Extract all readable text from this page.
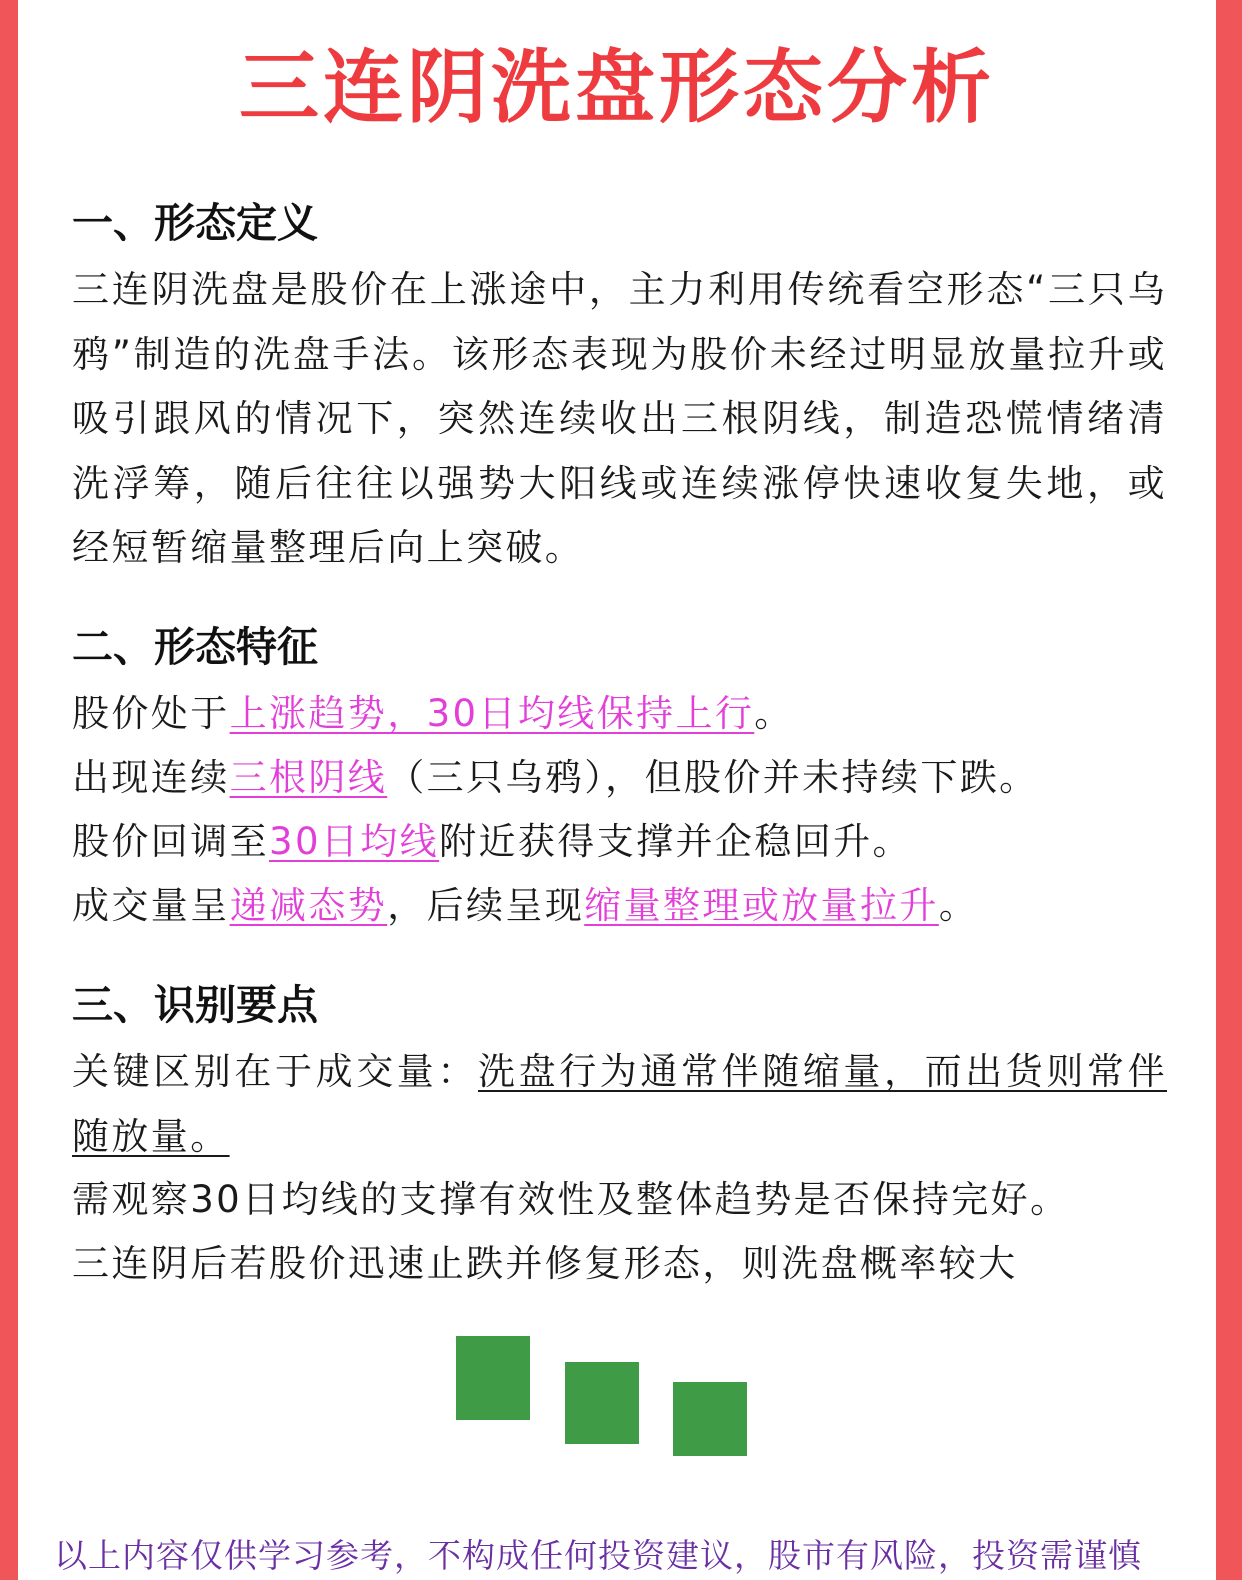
三连阴洗盘形态分析
一、形态定义
三连阴洗盘是股价在上涨途中，主力利用传统看空形态“三只乌鸦”制造的洗盘手法。该形态表现为股价未经过明显放量拉升或吸引跟风的情况下，突然连续收出三根阴线，制造恐慌情绪清洗浮筹，随后往往以强势大阳线或连续涨停快速收复失地，或经短暂缩量整理后向上突破。
二、形态特征
股价处于上涨趋势，30日均线保持上行。
出现连续三根阴线（三只乌鸦），但股价并未持续下跌。
股价回调至30日均线附近获得支撑并企稳回升。
成交量呈递减态势，后续呈现缩量整理或放量拉升。
三、识别要点
关键区别在于成交量：洗盘行为通常伴随缩量，而出货则常伴随放量。
需观察30日均线的支撑有效性及整体趋势是否保持完好。
三连阴后若股价迅速止跌并修复形态，则洗盘概率较大
以上内容仅供学习参考，不构成任何投资建议，股市有风险，投资需谨慎
